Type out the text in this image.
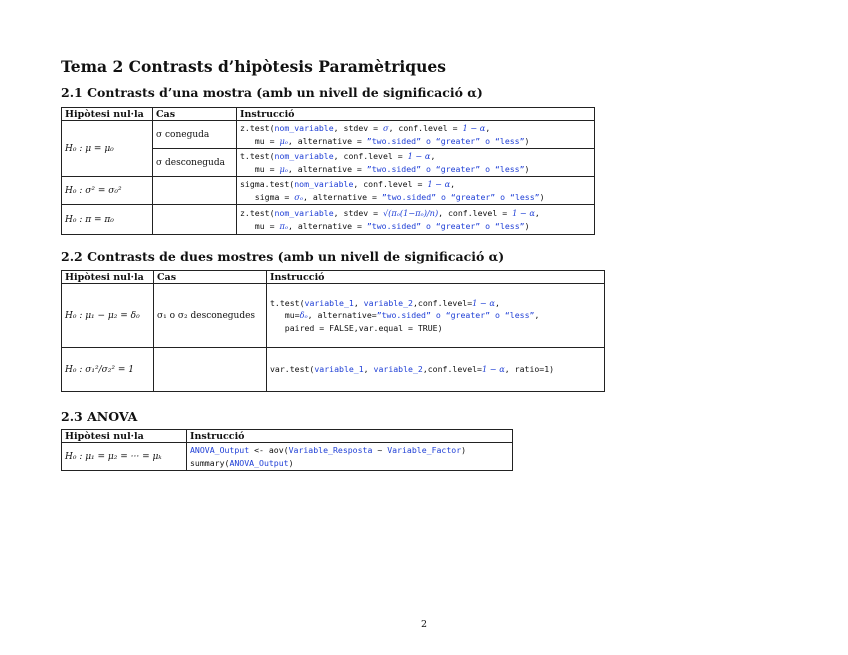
Tema 2 Contrasts d’hipòtesis Paramètriques
2.1 Contrasts d’una mostra (amb un nivell de significació α)
Hipòtesi nul·la	Cas	Instrucció
H₀ : μ = μ₀	σ coneguda	z.test(nom_variable, stdev = σ, conf.level = 1 − α,
mu = μₒ, alternative = ”two.sided” o “greater” o “less”)
	σ desconeguda	t.test(nom_variable, conf.level = 1 − α,
mu = μₒ, alternative = ”two.sided” o “greater” o “less”)
H₀ : σ² = σ₀²		sigma.test(nom_variable, conf.level = 1 − α,
sigma = σₒ, alternative = ”two.sided” o “greater” o “less”)
H₀ : π = π₀		z.test(nom_variable, stdev = √(πₒ(1−πₒ)/n), conf.level = 1 − α,
mu = πₒ, alternative = ”two.sided” o “greater” o “less”)
2.2 Contrasts de dues mostres (amb un nivell de significació α)
Hipòtesi nul·la	Cas	Instrucció
H₀ : μ₁ − μ₂ = δ₀	σ₁ o σ₂ desconegudes	t.test(variable_1, variable_2,conf.level=1 − α,
mu=δₒ, alternative=”two.sided” o “greater” o “less”,
paired = FALSE,var.equal = TRUE)
H₀ : σ₁²/σ₂² = 1		var.test(variable_1, variable_2,conf.level=1 − α, ratio=1)
2.3 ANOVA
Hipòtesi nul·la	Instrucció
H₀ : μ₁ = μ₂ = ··· = μₖ	ANOVA_Output <- aov(Variable_Resposta ~ Variable_Factor)
summary(ANOVA_Output)
2
